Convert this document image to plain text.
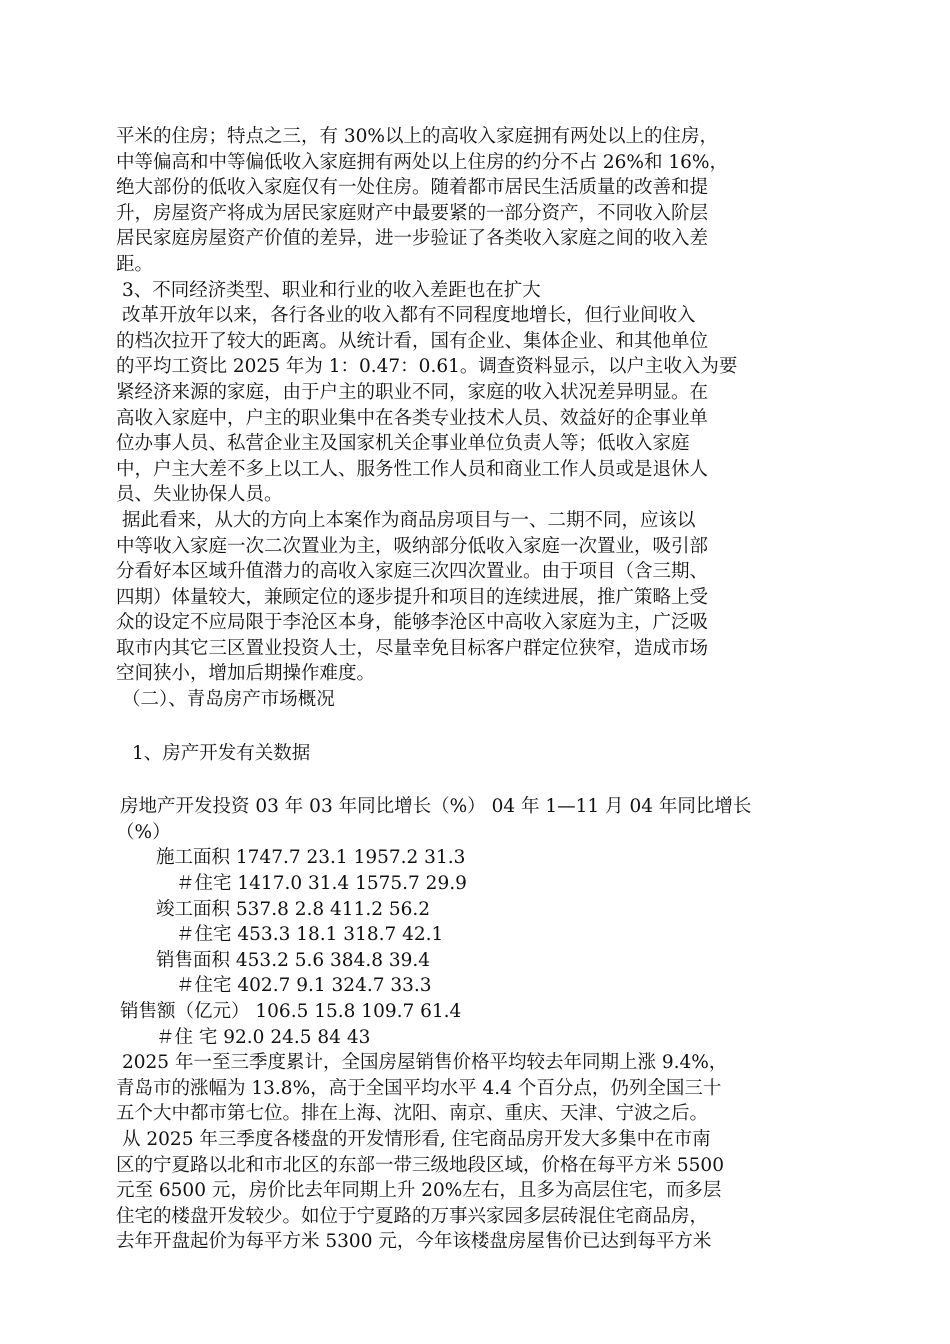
平米的住房；特点之三，有 30%以上的高收入家庭拥有两处以上的住房，

中等偏高和中等偏低收入家庭拥有两处以上住房的约分不占 26%和 16%，

绝大部份的低收入家庭仅有一处住房。随着都市居民生活质量的改善和提

升，房屋资产将成为居民家庭财产中最要紧的一部分资产，不同收入阶层

居民家庭房屋资产价值的差异，进一步验证了各类收入家庭之间的收入差

距。

3、不同经济类型、职业和行业的收入差距也在扩大

改革开放年以来，各行各业的收入都有不同程度地增长，但行业间收入

的档次拉开了较大的距离。从统计看，国有企业、集体企业、和其他单位

的平均工资比 2025 年为 1：0.47：0.61。调查资料显示，以户主收入为要

紧经济来源的家庭，由于户主的职业不同，家庭的收入状况差异明显。在

高收入家庭中，户主的职业集中在各类专业技术人员、效益好的企事业单

位办事人员、私营企业主及国家机关企事业单位负责人等；低收入家庭

中，户主大差不多上以工人、服务性工作人员和商业工作人员或是退休人

员、失业协保人员。

据此看来，从大的方向上本案作为商品房项目与一、二期不同，应该以

中等收入家庭一次二次置业为主，吸纳部分低收入家庭一次置业，吸引部

分看好本区域升值潜力的高收入家庭三次四次置业。由于项目（含三期、

四期）体量较大，兼顾定位的逐步提升和项目的连续进展，推广策略上受

众的设定不应局限于李沧区本身，能够李沧区中高收入家庭为主，广泛吸

取市内其它三区置业投资人士，尽量幸免目标客户群定位狭窄，造成市场

空间狭小，增加后期操作难度。

（二）、青岛房产市场概况

1、房产开发有关数据

房地产开发投资 03 年 03 年同比增长（%） 04 年 1—11 月 04 年同比增长

（%）

施工面积 1747.7 23.1 1957.2 31.3

＃住宅 1417.0 31.4 1575.7 29.9

竣工面积 537.8 2.8 411.2 56.2

＃住宅 453.3 18.1 318.7 42.1

销售面积 453.2 5.6 384.8 39.4

＃住宅 402.7 9.1 324.7 33.3

销售额（亿元） 106.5 15.8 109.7 61.4

＃住 宅 92.0 24.5 84 43

2025 年一至三季度累计，全国房屋销售价格平均较去年同期上涨 9.4%，

青岛市的涨幅为 13.8%，高于全国平均水平 4.4 个百分点，仍列全国三十

五个大中都市第七位。排在上海、沈阳、南京、重庆、天津、宁波之后。

从 2025 年三季度各楼盘的开发情形看, 住宅商品房开发大多集中在市南

区的宁夏路以北和市北区的东部一带三级地段区域，价格在每平方米 5500

元至 6500 元，房价比去年同期上升 20%左右，且多为高层住宅，而多层

住宅的楼盘开发较少。如位于宁夏路的万事兴家园多层砖混住宅商品房，

去年开盘起价为每平方米 5300 元，今年该楼盘房屋售价已达到每平方米
